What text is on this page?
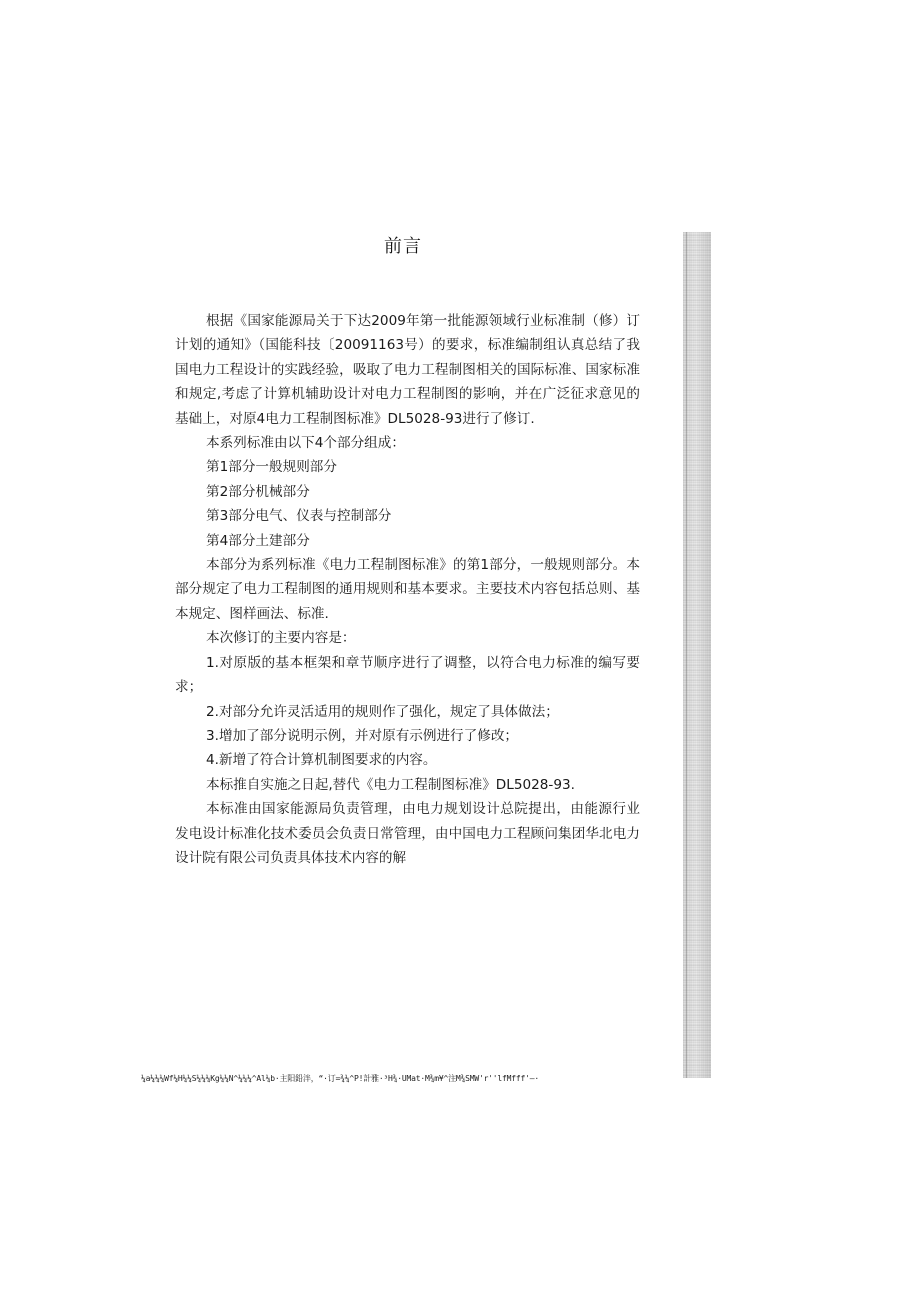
前言

根据《国家能源局关于下达2009年第一批能源领域行业标准制（修）订计划的通知》（国能科技〔20091163号）的要求，标准编制组认真总结了我国电力工程设计的实践经验，吸取了电力工程制图相关的国际标准、国家标准和规定,考虑了计算机辅助设计对电力工程制图的影响，并在广泛征求意见的基础上，对原4电力工程制图标准》DL5028-93进行了修订.

本系列标准由以下4个部分组成：

第1部分一般规则部分

第2部分机械部分

第3部分电气、仪表与控制部分

第4部分土建部分

本部分为系列标准《电力工程制图标准》的第1部分，一般规则部分。本部分规定了电力工程制图的通用规则和基本要求。主要技术内容包括总则、基本规定、图样画法、标准.

本次修订的主要内容是：

1.对原版的基本框架和章节顺序进行了调整，以符合电力标准的编写要求；

2.对部分允许灵活适用的规则作了强化，规定了具体做法；

3.增加了部分说明示例，并对原有示例进行了修改；

4.新增了符合计算机制图要求的内容。

本标推自实施之日起,替代《电力工程制图标准》DL5028-93.

本标准由国家能源局负责管理，由电力规划设计总院提出，由能源行业发电设计标准化技术委员会负责日常管理，由中国电力工程顾问集团华北电力设计院有限公司负责具体技术内容的解

¼a¼¼¼Wf¼H¼¼S¼¼¼Kg¼¼N^¼¼¼^Al¼b·主阳鉛泮，“·订=¾¼^P!計雅·³H¾·UMat·M¾m¥^注M¾SMW'r''lfMfff'—·
